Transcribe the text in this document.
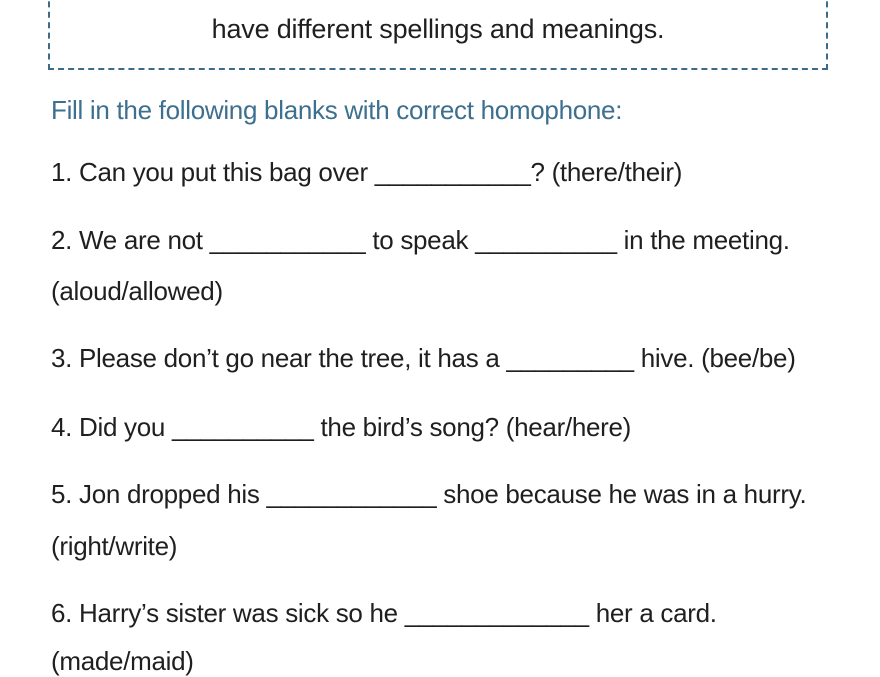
have different spellings and meanings.
Fill in the following blanks with correct homophone:
1. Can you put this bag over ___________? (there/their)
2. We are not ___________ to speak __________ in the meeting.
(aloud/allowed)
3. Please don’t go near the tree, it has a _________ hive. (bee/be)
4. Did you __________ the bird’s song? (hear/here)
5. Jon dropped his ____________ shoe because he was in a hurry.
(right/write)
6. Harry’s sister was sick so he _____________ her a card.
(made/maid)
